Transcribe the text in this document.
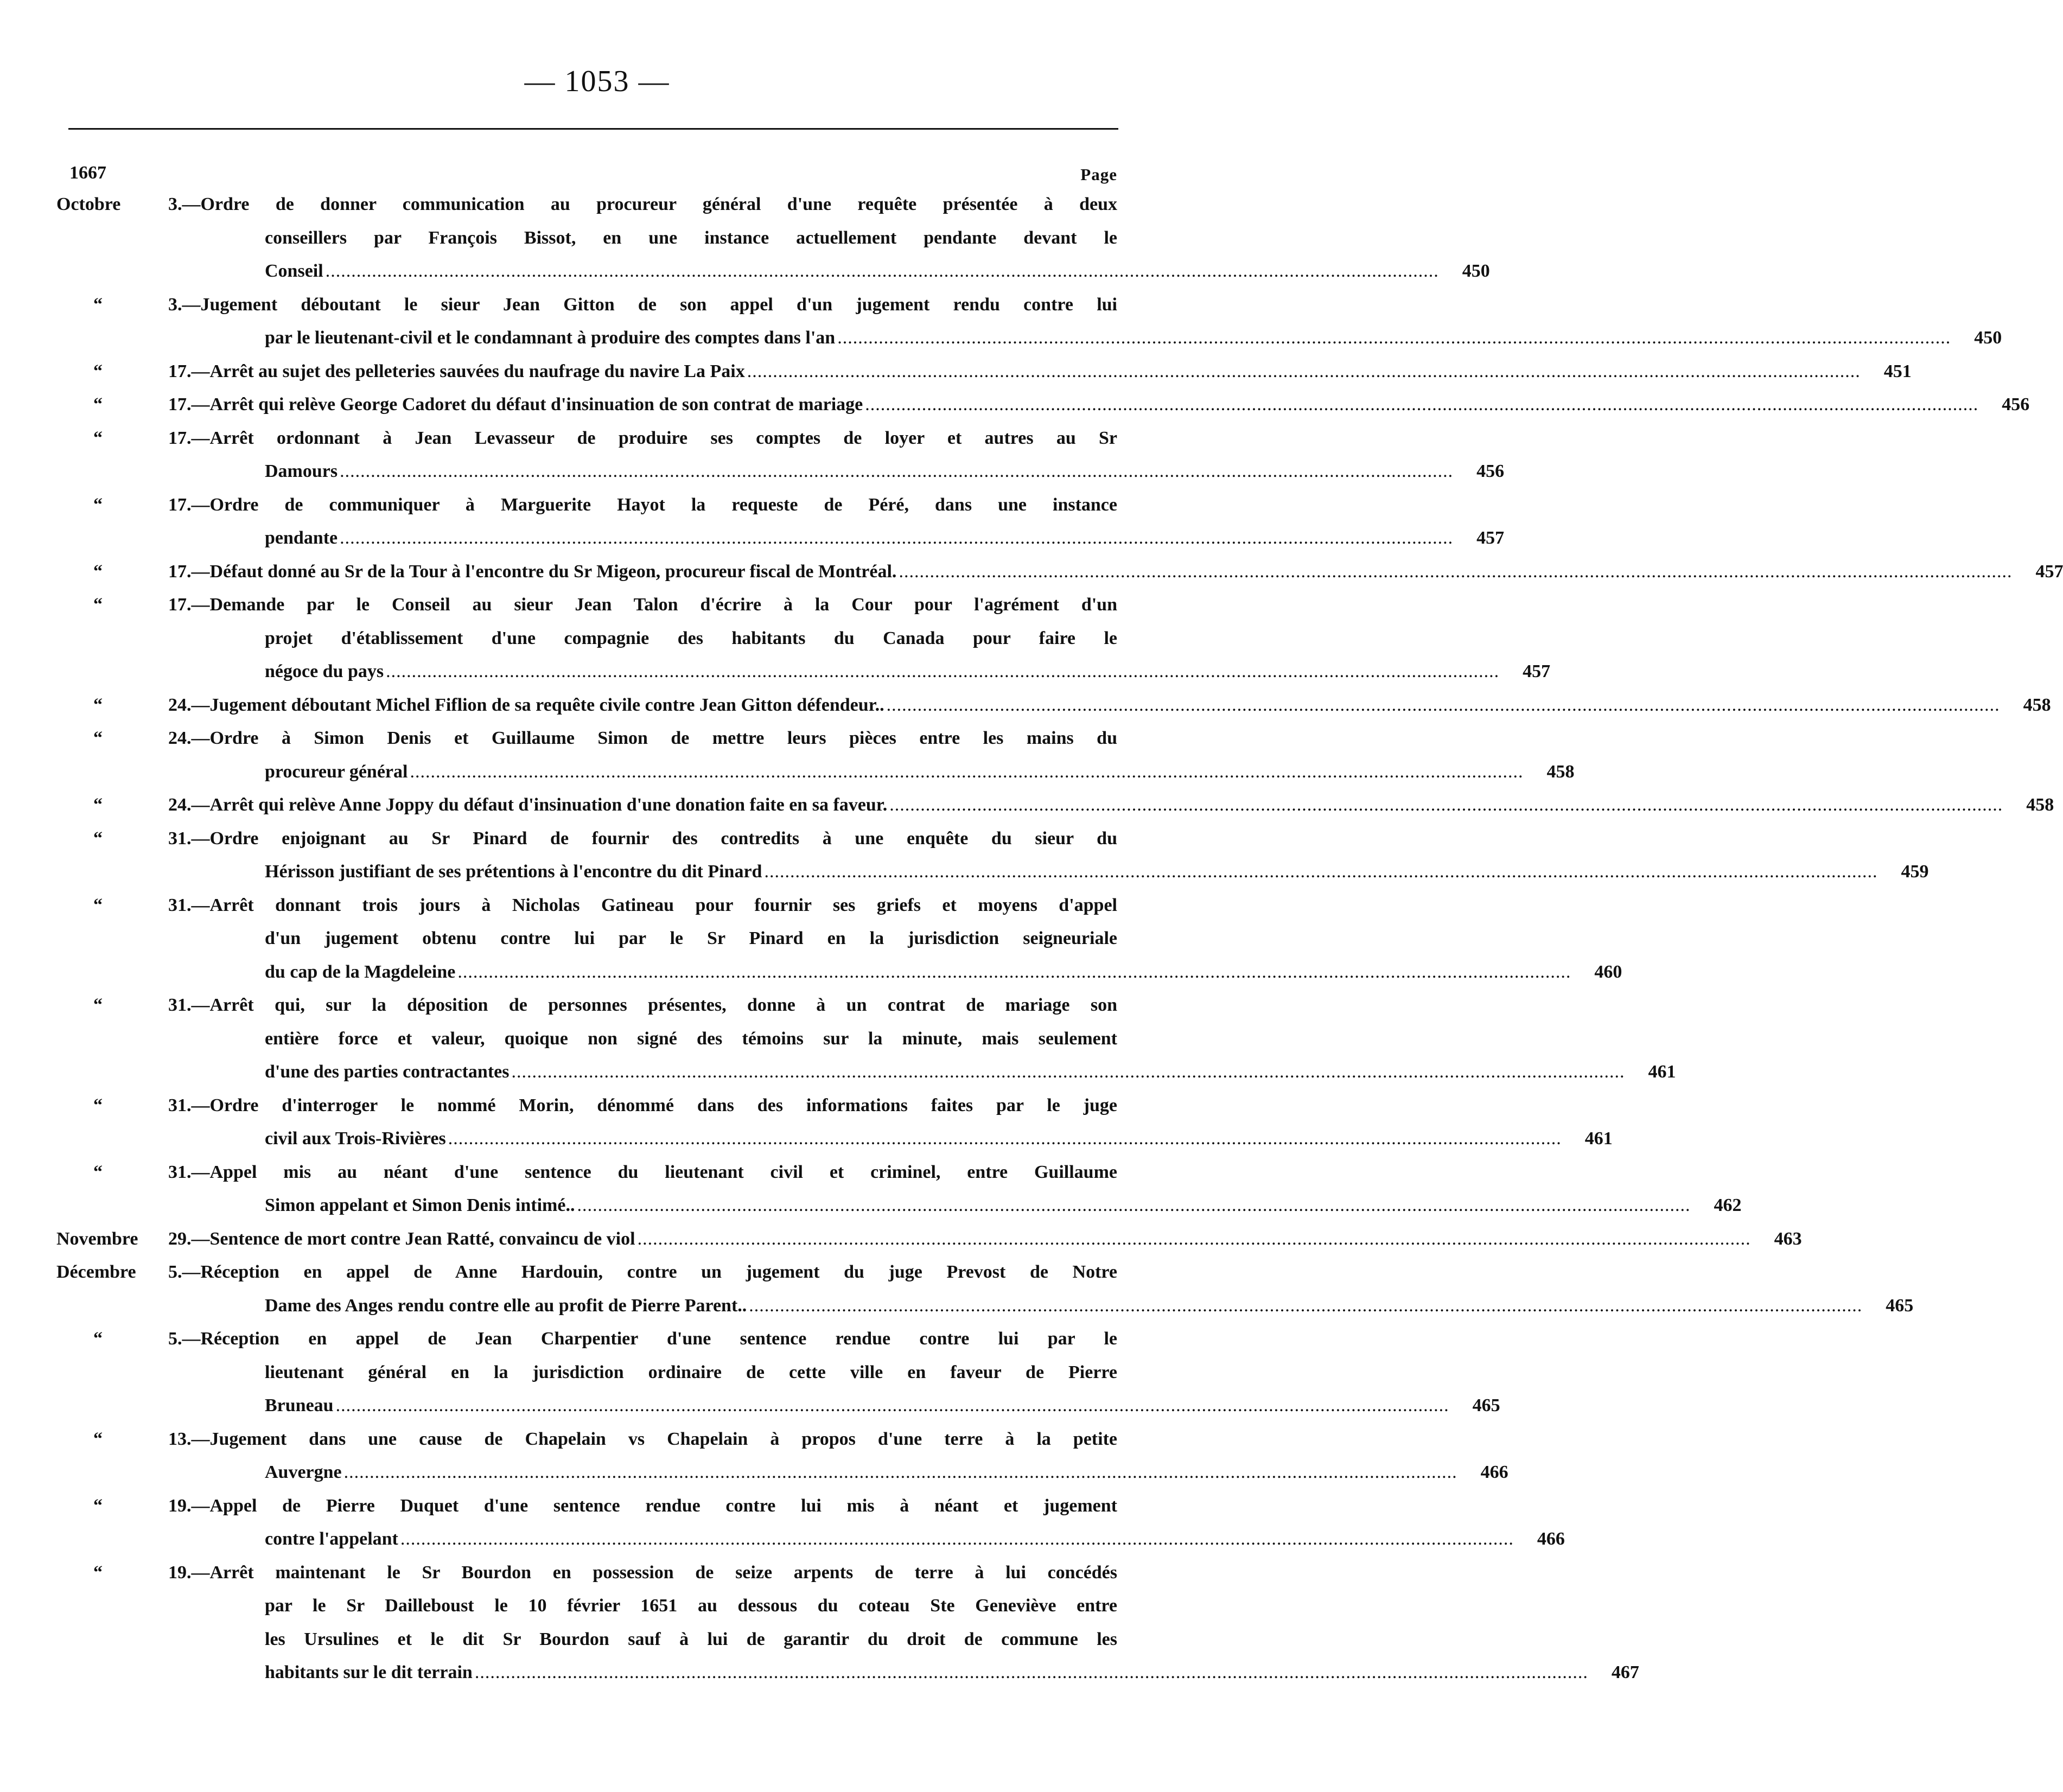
— 1053 —
1667	Page
Octobre	3.—Ordre de donner communication au procureur général d'une requête présentée à deux
conseillers par François Bissot, en une instance actuellement pendante devant le
Conseil .....	450
“	3.—Jugement déboutant le sieur Jean Gitton de son appel d'un jugement rendu contre lui
par le lieutenant-civil et le condamnant à produire des comptes dans l'an .....	450
“	17.—Arrêt au sujet des pelleteries sauvées du naufrage du navire La Paix .....	451
“	17.—Arrêt qui relève George Cadoret du défaut d'insinuation de son contrat de mariage .....	456
“	17.—Arrêt ordonnant à Jean Levasseur de produire ses comptes de loyer et autres au Sr
Damours .....	456
“	17.—Ordre de communiquer à Marguerite Hayot la requeste de Péré, dans une instance
pendante .....	457
“	17.—Défaut donné au Sr de la Tour à l'encontre du Sr Migeon, procureur fiscal de Montréal. .....	457
“	17.—Demande par le Conseil au sieur Jean Talon d'écrire à la Cour pour l'agrément d'un
projet d'établissement d'une compagnie des habitants du Canada pour faire le
négoce du pays .....	457
“	24.—Jugement déboutant Michel Fiflion de sa requête civile contre Jean Gitton défendeur.. .....	458
“	24.—Ordre à Simon Denis et Guillaume Simon de mettre leurs pièces entre les mains du
procureur général .....	458
“	24.—Arrêt qui relève Anne Joppy du défaut d'insinuation d'une donation faite en sa faveur. .....	458
“	31.—Ordre enjoignant au Sr Pinard de fournir des contredits à une enquête du sieur du
Hérisson justifiant de ses prétentions à l'encontre du dit Pinard .....	459
“	31.—Arrêt donnant trois jours à Nicholas Gatineau pour fournir ses griefs et moyens d'appel
d'un jugement obtenu contre lui par le Sr Pinard en la jurisdiction seigneuriale
du cap de la Magdeleine .....	460
“	31.—Arrêt qui, sur la déposition de personnes présentes, donne à un contrat de mariage son
entière force et valeur, quoique non signé des témoins sur la minute, mais seulement
d'une des parties contractantes .....	461
“	31.—Ordre d'interroger le nommé Morin, dénommé dans des informations faites par le juge
civil aux Trois-Rivières .....	461
“	31.—Appel mis au néant d'une sentence du lieutenant civil et criminel, entre Guillaume
Simon appelant et Simon Denis intimé.. .....	462
Novembre	29.—Sentence de mort contre Jean Ratté, convaincu de viol .....	463
Décembre	5.—Réception en appel de Anne Hardouin, contre un jugement du juge Prevost de Notre
Dame des Anges rendu contre elle au profit de Pierre Parent.. .....	465
“	5.—Réception en appel de Jean Charpentier d'une sentence rendue contre lui par le
lieutenant général en la jurisdiction ordinaire de cette ville en faveur de Pierre
Bruneau .....	465
“	13.—Jugement dans une cause de Chapelain vs Chapelain à propos d'une terre à la petite
Auvergne .....	466
“	19.—Appel de Pierre Duquet d'une sentence rendue contre lui mis à néant et jugement
contre l'appelant .....	466
“	19.—Arrêt maintenant le Sr Bourdon en possession de seize arpents de terre à lui concédés
par le Sr Dailleboust le 10 février 1651 au dessous du coteau Ste Geneviève entre
les Ursulines et le dit Sr Bourdon sauf à lui de garantir du droit de commune les
habitants sur le dit terrain .....	467
